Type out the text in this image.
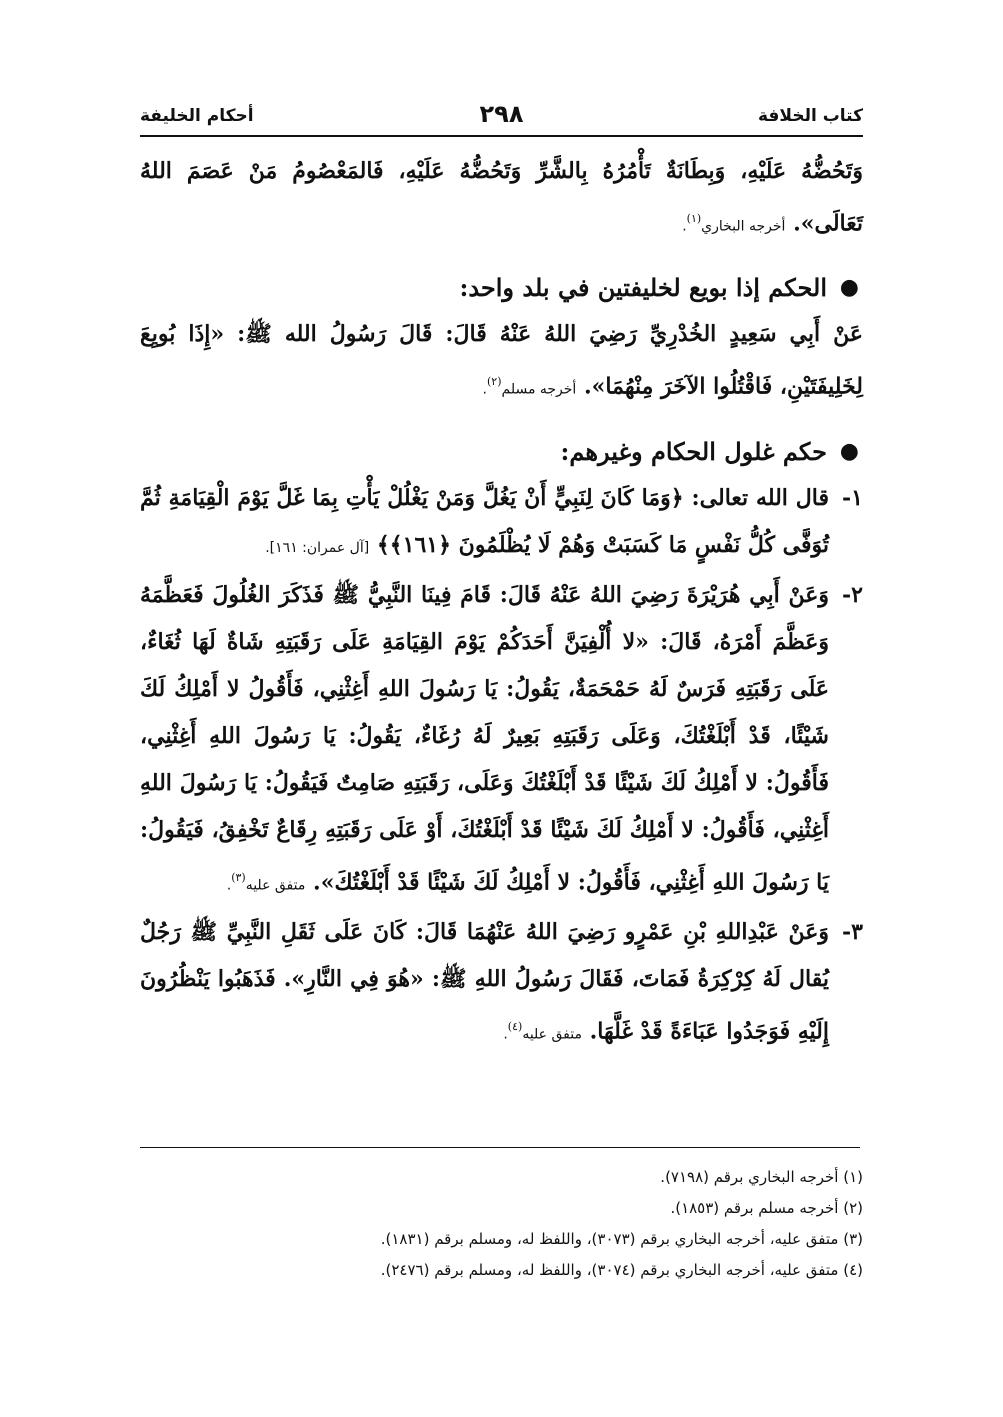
أحكام الخليفة	٢٩٨	كتاب الخلافة

وَتَحُضُّهُ عَلَيْهِ، وَبِطَانَةٌ تَأْمُرُهُ بِالشَّرِّ وَتَحُضُّهُ عَلَيْهِ، فَالمَعْصُومُ مَنْ عَصَمَ اللهُ تَعَالَى». أخرجه البخاري$^{(١)}$.

●
الحكم إذا بويع لخليفتين في بلد واحد:

عَنْ أَبِي سَعِيدٍ الخُدْرِيِّ رَضِيَ اللهُ عَنْهُ قَالَ: قَالَ رَسُولُ الله ﷺ: «إِذَا بُويِعَ لِخَلِيفَتَيْنِ، فَاقْتُلُوا الآخَرَ مِنْهُمَا». أخرجه مسلم$^{(٢)}$.

●
حكم غلول الحكام وغيرهم:

١-
قال الله تعالى: ﴿وَمَا كَانَ لِنَبِيٍّ أَنْ يَغُلَّ وَمَنْ يَغْلُلْ يَأْتِ بِمَا غَلَّ يَوْمَ الْقِيَامَةِ ثُمَّ تُوَفَّى كُلُّ نَفْسٍ مَا كَسَبَتْ وَهُمْ لَا يُظْلَمُونَ ﴿١٦١﴾﴾ [آل عمران: ١٦١].

٢-
وَعَنْ أَبِي هُرَيْرَةَ رَضِيَ اللهُ عَنْهُ قَالَ: قَامَ فِينَا النَّبِيُّ ﷺ فَذَكَرَ الغُلُولَ فَعَظَّمَهُ وَعَظَّمَ أَمْرَهُ، قَالَ: «لا أُلْفِيَنَّ أَحَدَكُمْ يَوْمَ القِيَامَةِ عَلَى رَقَبَتِهِ شَاةٌ لَهَا ثُغَاءٌ، عَلَى رَقَبَتِهِ فَرَسٌ لَهُ حَمْحَمَةٌ، يَقُولُ: يَا رَسُولَ اللهِ أَغِثْنِي، فَأَقُولُ لا أَمْلِكُ لَكَ شَيْئًا، قَدْ أَبْلَغْتُكَ، وَعَلَى رَقَبَتِهِ بَعِيرٌ لَهُ رُغَاءٌ، يَقُولُ: يَا رَسُولَ اللهِ أَغِثْنِي، فَأَقُولُ: لا أَمْلِكُ لَكَ شَيْئًا قَدْ أَبْلَغْتُكَ وَعَلَى، رَقَبَتِهِ صَامِتٌ فَيَقُولُ: يَا رَسُولَ اللهِ أَغِثْنِي، فَأَقُولُ: لا أَمْلِكُ لَكَ شَيْئًا قَدْ أَبْلَغْتُكَ، أَوْ عَلَى رَقَبَتِهِ رِقَاعٌ تَخْفِقُ، فَيَقُولُ: يَا رَسُولَ اللهِ أَغِثْنِي، فَأَقُولُ: لا أَمْلِكُ لَكَ شَيْئًا قَدْ أَبْلَغْتُكَ». متفق عليه$^{(٣)}$.

٣-
وَعَنْ عَبْدِاللهِ بْنِ عَمْرٍو رَضِيَ اللهُ عَنْهُمَا قَالَ: كَانَ عَلَى ثَقَلِ النَّبِيِّ ﷺ رَجُلٌ يُقال لَهُ كِرْكِرَةُ فَمَاتَ، فَقَالَ رَسُولُ اللهِ ﷺ: «هُوَ فِي النَّارِ». فَذَهَبُوا يَنْظُرُونَ إِلَيْهِ فَوَجَدُوا عَبَاءَةً قَدْ غَلَّهَا. متفق عليه$^{(٤)}$.

(١) أخرجه البخاري برقم (٧١٩٨).

(٢) أخرجه مسلم برقم (١٨٥٣).

(٣) متفق عليه، أخرجه البخاري برقم (٣٠٧٣)، واللفظ له، ومسلم برقم (١٨٣١).

(٤) متفق عليه، أخرجه البخاري برقم (٣٠٧٤)، واللفظ له، ومسلم برقم (٢٤٧٦).
